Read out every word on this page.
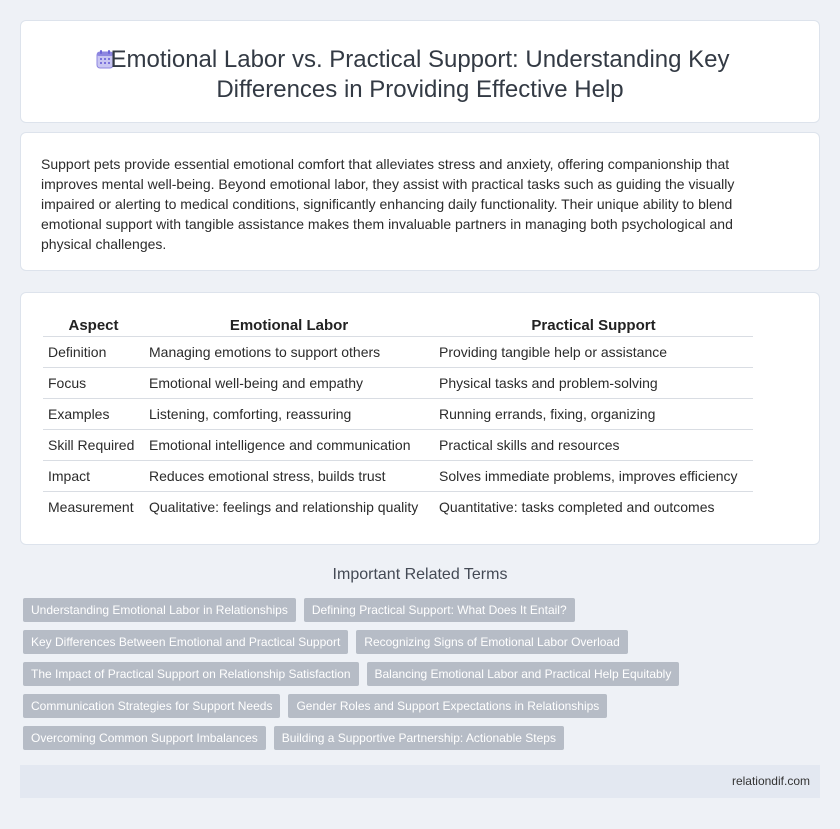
Emotional Labor vs. Practical Support: Understanding Key Differences in Providing Effective Help

Support pets provide essential emotional comfort that alleviates stress and anxiety, offering companionship that improves mental well-being. Beyond emotional labor, they assist with practical tasks such as guiding the visually impaired or alerting to medical conditions, significantly enhancing daily functionality. Their unique ability to blend emotional support with tangible assistance makes them invaluable partners in managing both psychological and physical challenges.

Aspect	Emotional Labor	Practical Support
Definition	Managing emotions to support others	Providing tangible help or assistance
Focus	Emotional well-being and empathy	Physical tasks and problem-solving
Examples	Listening, comforting, reassuring	Running errands, fixing, organizing
Skill Required	Emotional intelligence and communication	Practical skills and resources
Impact	Reduces emotional stress, builds trust	Solves immediate problems, improves efficiency
Measurement	Qualitative: feelings and relationship quality	Quantitative: tasks completed and outcomes
Important Related Terms
Understanding Emotional Labor in Relationships	Defining Practical Support: What Does It Entail?
Key Differences Between Emotional and Practical Support	Recognizing Signs of Emotional Labor Overload
The Impact of Practical Support on Relationship Satisfaction	Balancing Emotional Labor and Practical Help Equitably
Communication Strategies for Support Needs	Gender Roles and Support Expectations in Relationships
Overcoming Common Support Imbalances	Building a Supportive Partnership: Actionable Steps
relationdif.com
